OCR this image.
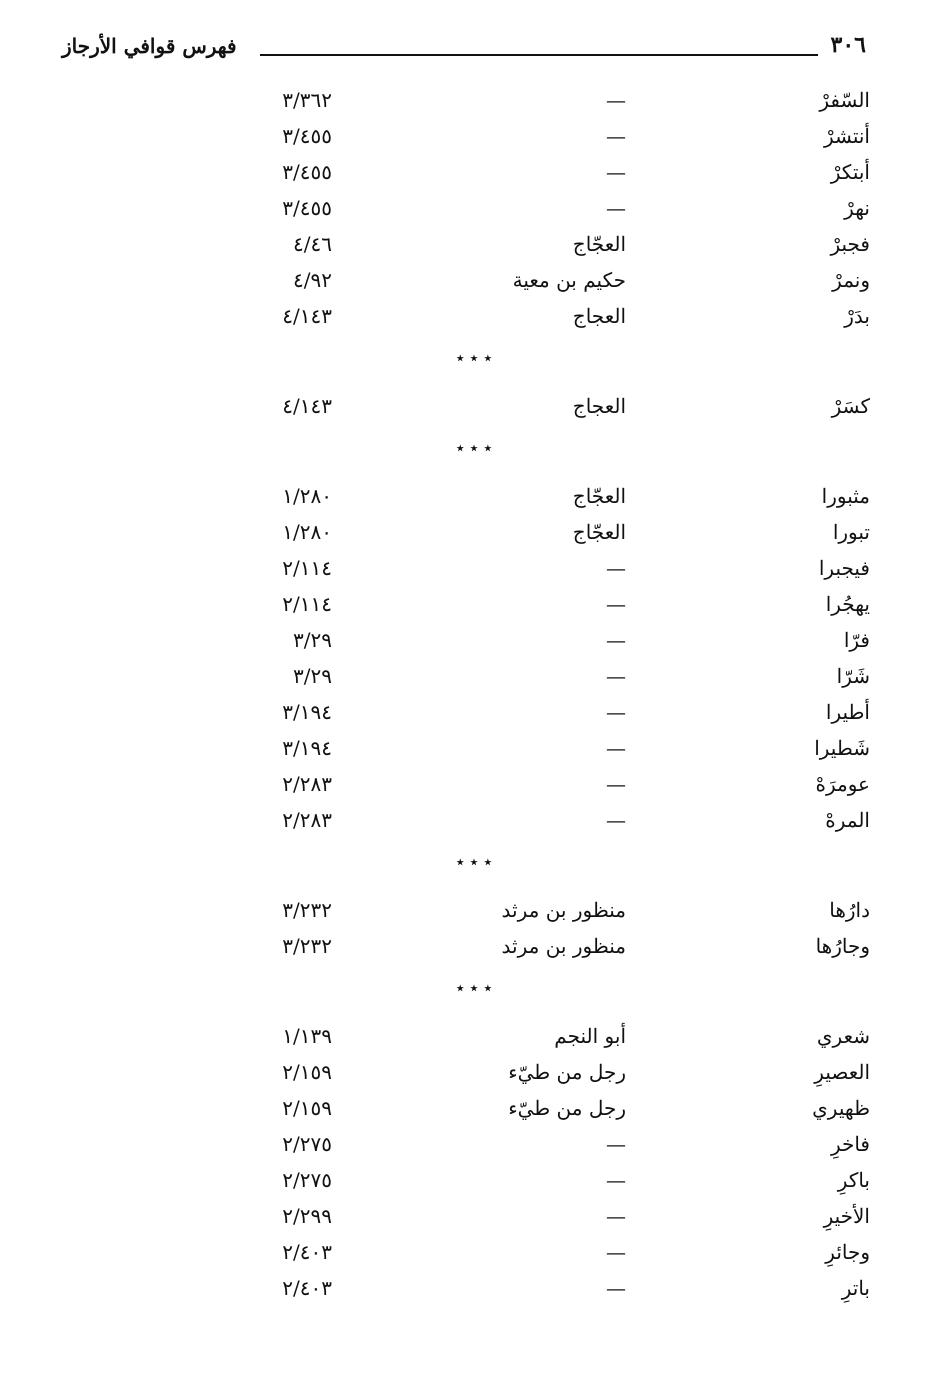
٣٠٦
فهرس قوافي الأرجاز
السّفرْ
—
٣/٣٦٢
أنتشرْ
—
٣/٤٥٥
أبتكرْ
—
٣/٤٥٥
نهرْ
—
٣/٤٥٥
فجبرْ
العجّاج
٤/٤٦
ونمرْ
حكيم بن معية
٤/٩٢
بدَرْ
العجاج
٤/١٤٣
٭ ٭ ٭
كسَرْ
العجاج
٤/١٤٣
٭ ٭ ٭
مثبورا
العجّاج
١/٢٨٠
تبورا
العجّاج
١/٢٨٠
فيجبرا
—
٢/١١٤
يهجُرا
—
٢/١١٤
فرّا
—
٣/٢٩
شَرّا
—
٣/٢٩
أطيرا
—
٣/١٩٤
شَطيرا
—
٣/١٩٤
عومرَهْ
—
٢/٢٨٣
المرهْ
—
٢/٢٨٣
٭ ٭ ٭
دارُها
منظور بن مرثد
٣/٢٣٢
وجارُها
منظور بن مرثد
٣/٢٣٢
٭ ٭ ٭
شعري
أبو النجم
١/١٣٩
العصيرِ
رجل من طيّء
٢/١٥٩
ظهيري
رجل من طيّء
٢/١٥٩
فاخرِ
—
٢/٢٧٥
باكرِ
—
٢/٢٧٥
الأخيرِ
—
٢/٢٩٩
وجائرِ
—
٢/٤٠٣
باترِ
—
٢/٤٠٣
